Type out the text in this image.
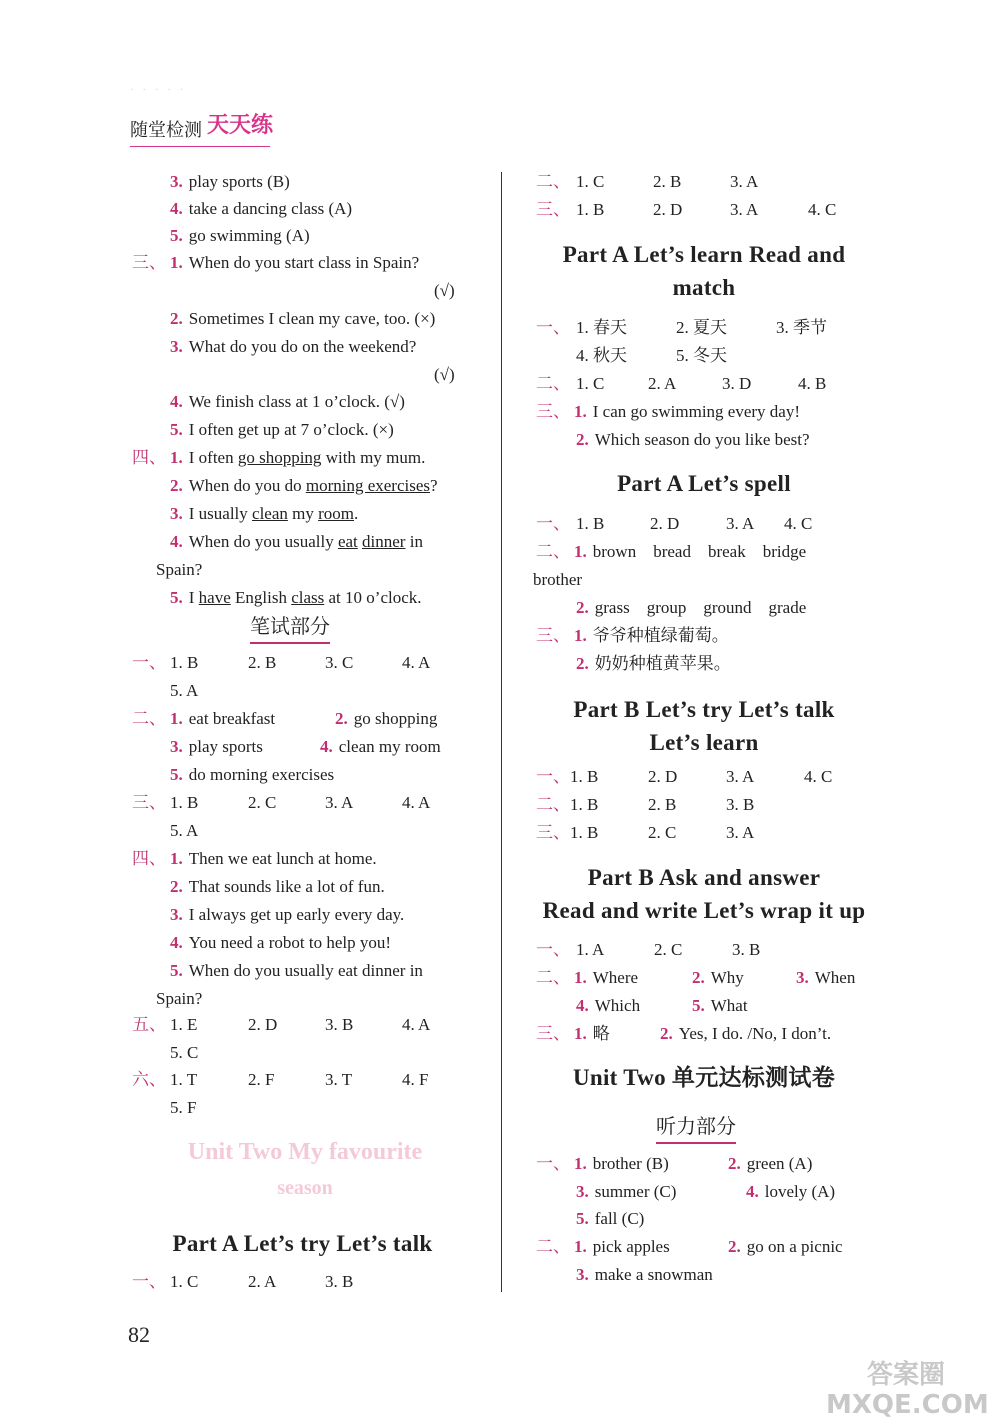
· · · · ·
随堂检测 天天练
3. play sports (B)
4. take a dancing class (A)
5. go swimming (A)
三、 1. When do you start class in Spain?
(√)
2. Sometimes I clean my cave, too. (×)
3. What do you do on the weekend?
(√)
4. We finish class at 1 o’clock. (√)
5. I often get up at 7 o’clock. (×)
四、 1. I often go shopping with my mum.
2. When do you do morning exercises?
3. I usually clean my room.
4. When do you usually eat dinner in
Spain?
5. I have English class at 10 o’clock.
笔试部分
一、 1. B	2. B	3. C	4. A
5. A
二、 1. eat breakfast	2. go shopping
3. play sports	4. clean my room
5. do morning exercises
三、 1. B	2. C	3. A	4. A
5. A
四、 1. Then we eat lunch at home.
2. That sounds like a lot of fun.
3. I always get up early every day.
4. You need a robot to help you!
5. When do you usually eat dinner in
Spain?
五、 1. E	2. D	3. B	4. A
5. C
六、 1. T	2. F	3. T	4. F
5. F
Unit Two My favourite
season
Part A Let’s try Let’s talk
一、 1. C	2. A	3. B
二、 1. C	2. B	3. A
三、 1. B	2. D	3. A	4. C
Part A Let’s learn Read and
match
一、 1. 春天	2. 夏天	3. 季节
4. 秋天	5. 冬天
二、 1. C	2. A	3. D	4. B
三、 1. I can go swimming every day!
2. Which season do you like best?
Part A Let’s spell
一、 1. B	2. D	3. A 4. C
二、 1. brown    bread    break    bridge
brother
2. grass    group    ground    grade
三、 1. 爷爷种植绿葡萄。
2. 奶奶种植黄苹果。
Part B Let’s try Let’s talk
Let’s learn
一、 1. B	2. D	3. A	4. C
二、 1. B	2. B	3. B
三、 1. B	2. C	3. A
Part B Ask and answer
Read and write Let’s wrap it up
一、 1. A	2. C	3. B
二、 1. Where	2. Why	3. When
4. Which	5. What
三、 1. 略	2. Yes, I do. /No, I don’t.
Unit Two 单元达标测试卷
听力部分
一、 1. brother (B)	2. green (A)
3. summer (C)	4. lovely (A)
5. fall (C)
二、 1. pick apples	2. go on a picnic
3. make a snowman
82
答案圈 MXQE.COM
